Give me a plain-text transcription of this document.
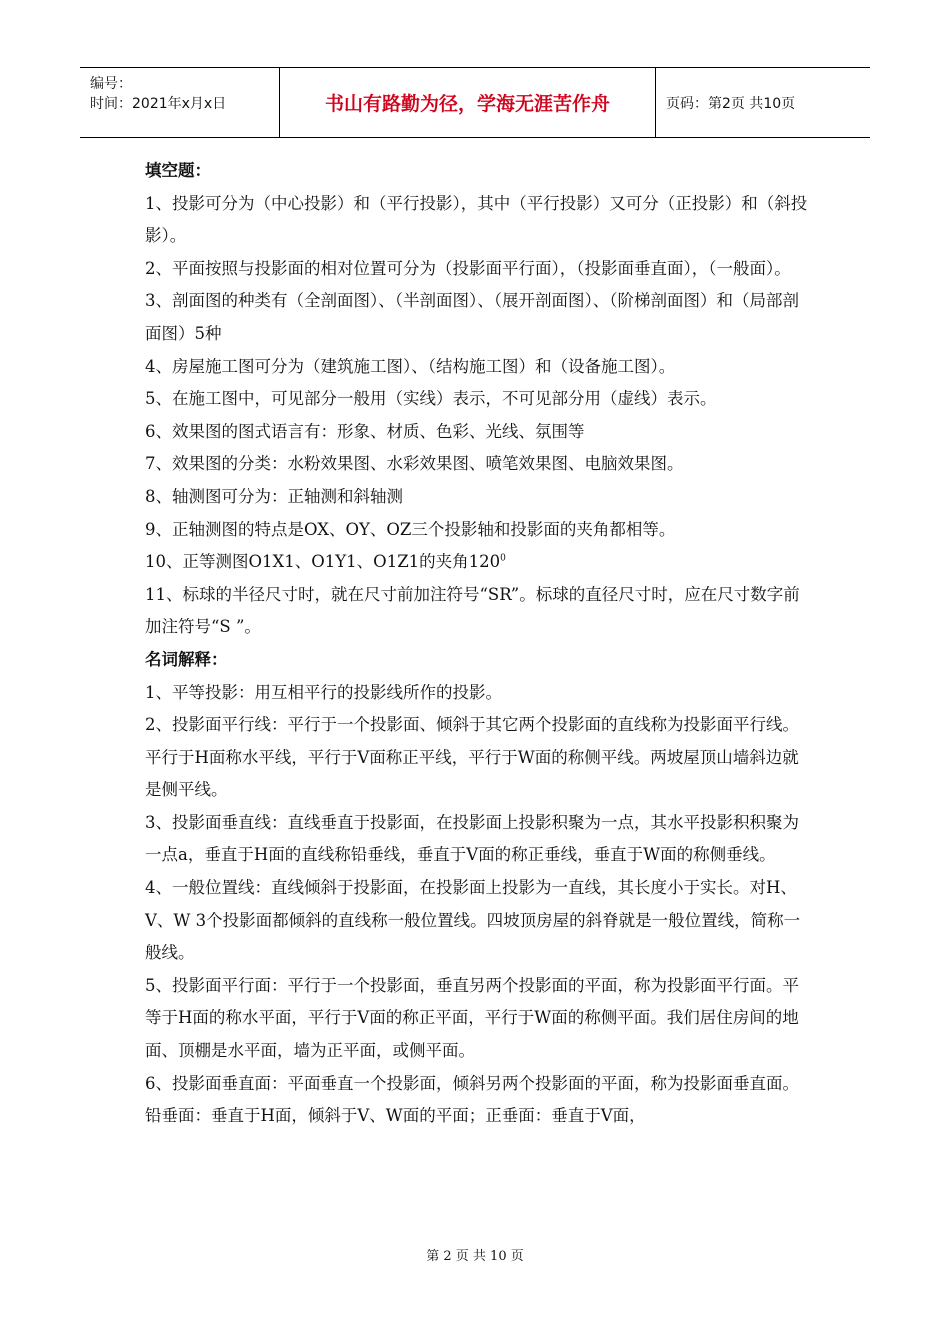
编号：
时间：2021年x月x日	书山有路勤为径，学海无涯苦作舟	页码：第2页 共10页
填空题：

1、投影可分为（中心投影）和（平行投影），其中（平行投影）又可分（正投影）和（斜投影）。

2、平面按照与投影面的相对位置可分为（投影面平行面），（投影面垂直面），（一般面）。

3、剖面图的种类有（全剖面图）、（半剖面图）、（展开剖面图）、（阶梯剖面图）和（局部剖面图）5种

4、房屋施工图可分为（建筑施工图）、（结构施工图）和（设备施工图）。

5、在施工图中，可见部分一般用（实线）表示，不可见部分用（虚线）表示。

6、效果图的图式语言有：形象、材质、色彩、光线、氛围等

7、效果图的分类：水粉效果图、水彩效果图、喷笔效果图、电脑效果图。

8、轴测图可分为：正轴测和斜轴测

9、正轴测图的特点是OX、OY、OZ三个投影轴和投影面的夹角都相等。

10、正等测图O1X1、O1Y1、O1Z1的夹角$120^0$

11、标球的半径尺寸时，就在尺寸前加注符号“SR”。标球的直径尺寸时，应在尺寸数字前加注符号“S ”。

名词解释：

1、平等投影：用互相平行的投影线所作的投影。

2、投影面平行线：平行于一个投影面、倾斜于其它两个投影面的直线称为投影面平行线。平行于H面称水平线，平行于V面称正平线，平行于W面的称侧平线。两坡屋顶山墙斜边就是侧平线。

3、投影面垂直线：直线垂直于投影面，在投影面上投影积聚为一点，其水平投影积积聚为一点a，垂直于H面的直线称铅垂线，垂直于V面的称正垂线，垂直于W面的称侧垂线。

4、一般位置线：直线倾斜于投影面，在投影面上投影为一直线，其长度小于实长。对H、V、W 3个投影面都倾斜的直线称一般位置线。四坡顶房屋的斜脊就是一般位置线，简称一般线。

5、投影面平行面：平行于一个投影面，垂直另两个投影面的平面，称为投影面平行面。平等于H面的称水平面，平行于V面的称正平面，平行于W面的称侧平面。我们居住房间的地面、顶棚是水平面，墙为正平面，或侧平面。

6、投影面垂直面：平面垂直一个投影面，倾斜另两个投影面的平面，称为投影面垂直面。铅垂面：垂直于H面，倾斜于V、W面的平面；正垂面：垂直于V面，

第 2 页 共 10 页
